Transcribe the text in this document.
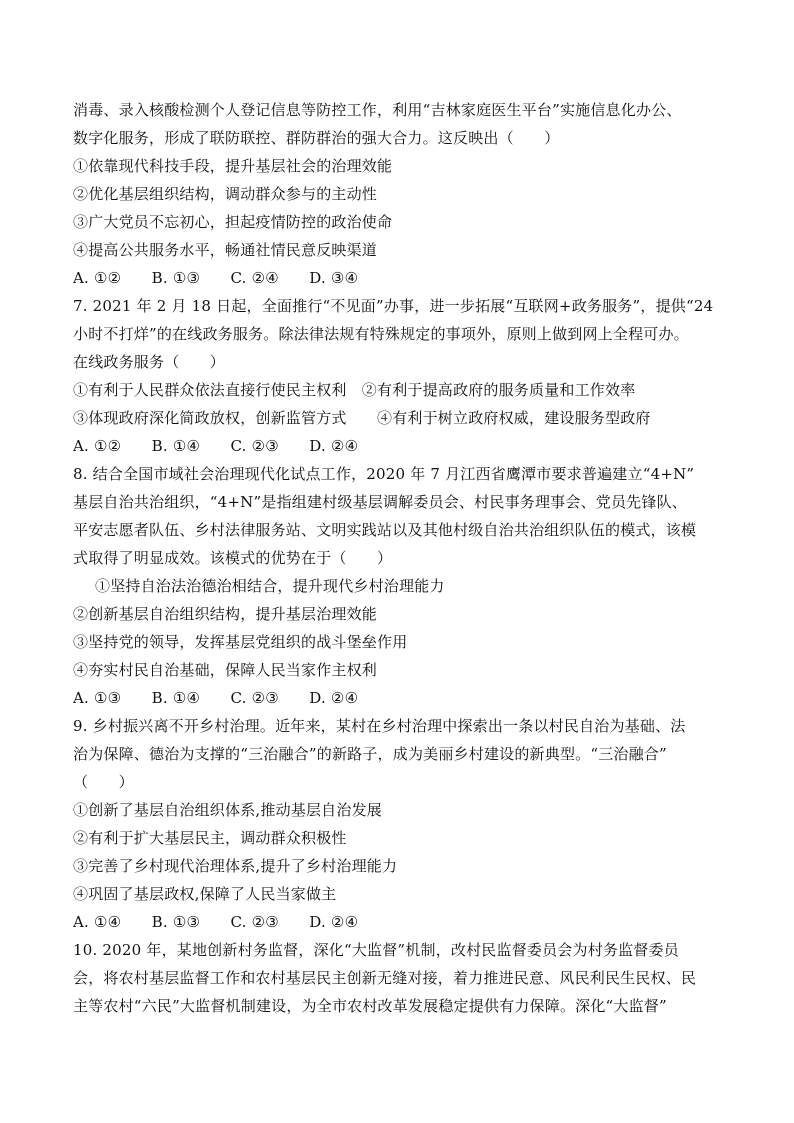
消毒、录入核酸检测个人登记信息等防控工作，利用“吉林家庭医生平台”实施信息化办公、
数字化服务，形成了联防联控、群防群治的强大合力。这反映出（　　）
①依靠现代科技手段，提升基层社会的治理效能
②优化基层组织结构，调动群众参与的主动性
③广大党员不忘初心，担起疫情防控的政治使命
④提高公共服务水平，畅通社情民意反映渠道
A. ①②　　B. ①③　　C. ②④　　D. ③④
7. 2021 年 2 月 18 日起，全面推行“不见面”办事，进一步拓展“互联网+政务服务”，提供“24
小时不打烊”的在线政务服务。除法律法规有特殊规定的事项外，原则上做到网上全程可办。
在线政务服务（　　）
①有利于人民群众依法直接行使民主权利　②有利于提高政府的服务质量和工作效率
③体现政府深化简政放权，创新监管方式　　④有利于树立政府权威，建设服务型政府
A. ①②　　B. ①④　　C. ②③　　D. ②④
8. 结合全国市域社会治理现代化试点工作，2020 年 7 月江西省鹰潭市要求普遍建立“4+N”
基层自治共治组织，“4+N”是指组建村级基层调解委员会、村民事务理事会、党员先锋队、
平安志愿者队伍、乡村法律服务站、文明实践站以及其他村级自治共治组织队伍的模式，该模
式取得了明显成效。该模式的优势在于（　　）
①坚持自治法治德治相结合，提升现代乡村治理能力
②创新基层自治组织结构，提升基层治理效能
③坚持党的领导，发挥基层党组织的战斗堡垒作用
④夯实村民自治基础，保障人民当家作主权利
A. ①③　　B. ①④　　C. ②③　　D. ②④
9. 乡村振兴离不开乡村治理。近年来，某村在乡村治理中探索出一条以村民自治为基础、法
治为保障、德治为支撑的“三治融合”的新路子，成为美丽乡村建设的新典型。“三治融合”
（　　）
①创新了基层自治组织体系,推动基层自治发展
②有利于扩大基层民主，调动群众积极性
③完善了乡村现代治理体系,提升了乡村治理能力
④巩固了基层政权,保障了人民当家做主
A. ①④　　B. ①③　　C. ②③　　D. ②④
10. 2020 年，某地创新村务监督，深化“大监督”机制，改村民监督委员会为村务监督委员
会，将农村基层监督工作和农村基层民主创新无缝对接，着力推进民意、风民利民生民权、民
主等农村“六民”大监督机制建设，为全市农村改革发展稳定提供有力保障。深化“大监督”
